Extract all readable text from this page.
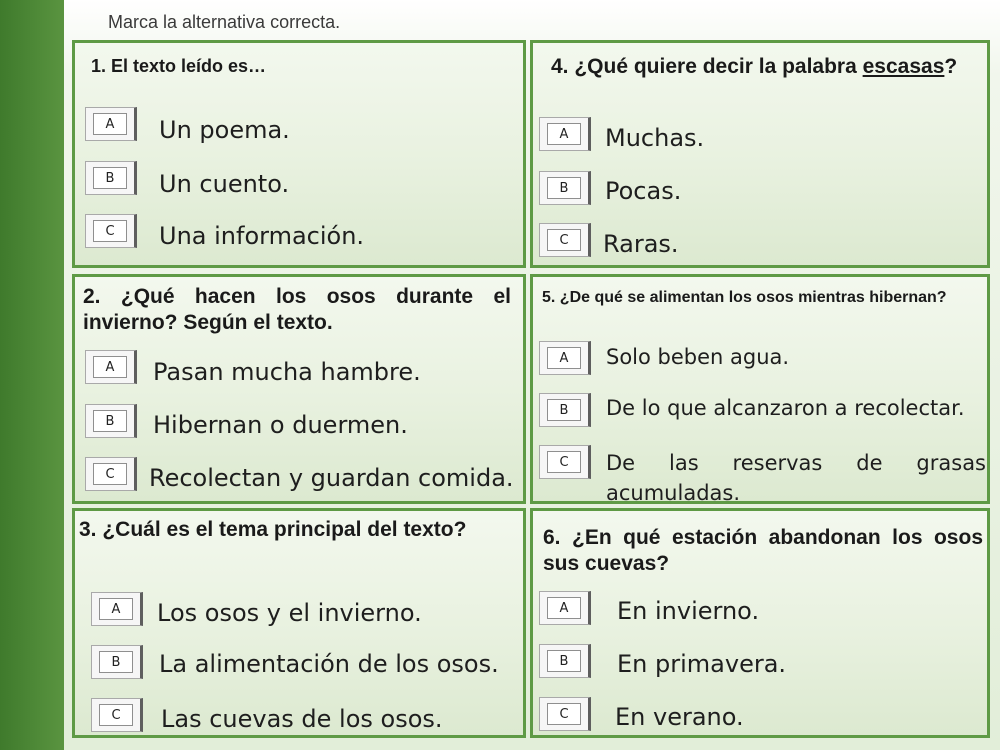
Marca la alternativa correcta.
1. El texto leído es…
A	Un poema.
B	Un cuento.
C	Una información.
2. ¿Qué hacen los osos durante el invierno? Según el texto.
A	Pasan mucha hambre.
B	Hibernan o duermen.
C	Recolectan y guardan comida.
3. ¿Cuál es el tema principal del texto?
A	Los osos y el invierno.
B	La alimentación de los osos.
C	Las cuevas de los osos.
4. ¿Qué quiere decir la palabra escasas?
A	Muchas.
B	Pocas.
C	Raras.
5. ¿De qué se alimentan los osos mientras hibernan?
A	Solo beben agua.
B	De lo que alcanzaron a recolectar.
C	De las reservas de grasas acumuladas.
6. ¿En qué estación abandonan los osos sus cuevas?
A	En invierno.
B	En primavera.
C	En verano.
